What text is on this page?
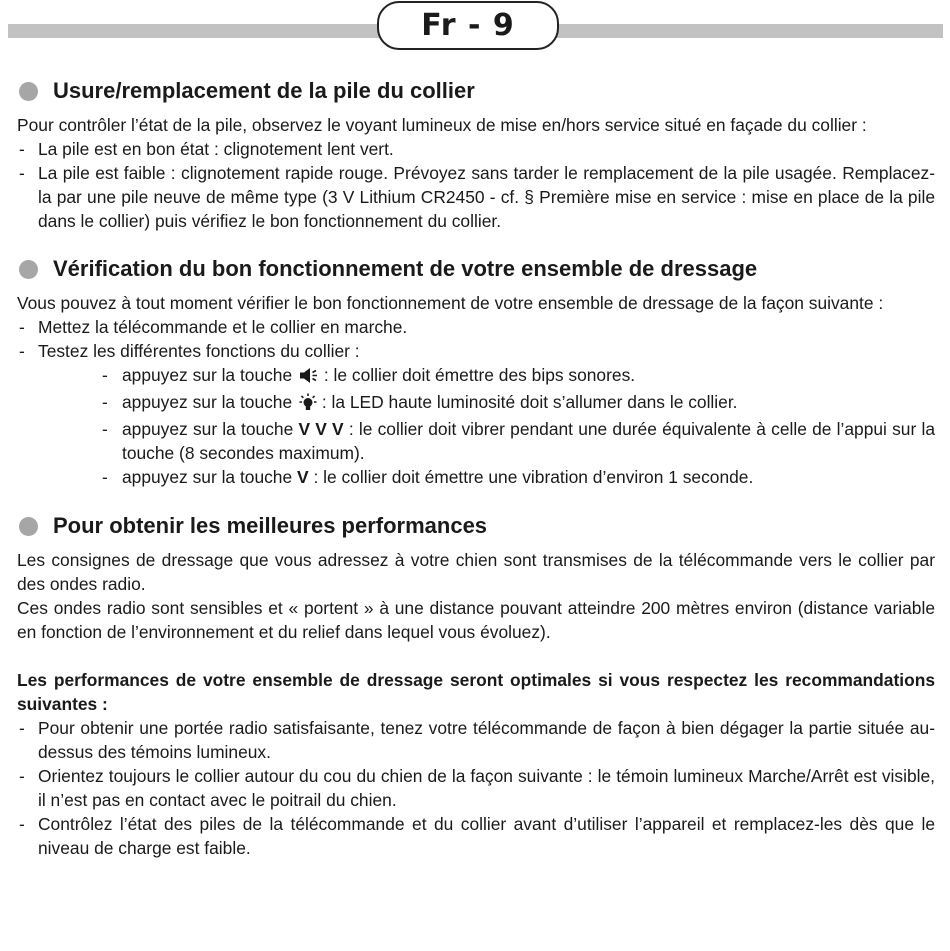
Fr - 9
Usure/remplacement de la pile du collier

Pour contrôler l’état de la pile, observez le voyant lumineux de mise en/hors service situé en façade du collier :

- La pile est en bon état : clignotement lent vert.
- La pile est faible : clignotement rapide rouge. Prévoyez sans tarder le remplacement de la pile usagée. Remplacez-la par une pile neuve de même type (3 V Lithium CR2450 - cf. § Première mise en service : mise en place de la pile dans le collier) puis vérifiez le bon fonctionnement du collier.
Vérification du bon fonctionnement de votre ensemble de dressage

Vous pouvez à tout moment vérifier le bon fonctionnement de votre ensemble de dressage de la façon suivante :

- Mettez la télécommande et le collier en marche.
- Testez les différentes fonctions du collier :
- appuyez sur la touche  : le collier doit émettre des bips sonores.
- appuyez sur la touche  : la LED haute luminosité doit s’allumer dans le collier.
- appuyez sur la touche V V V : le collier doit vibrer pendant une durée équivalente à celle de l’appui sur la touche (8 secondes maximum).
- appuyez sur la touche V : le collier doit émettre une vibration d’environ 1 seconde.
Pour obtenir les meilleures performances

Les consignes de dressage que vous adressez à votre chien sont transmises de la télécommande vers le collier par des ondes radio.

Ces ondes radio sont sensibles et « portent » à une distance pouvant atteindre 200 mètres environ (distance variable en fonction de l’environnement et du relief dans lequel vous évoluez).

Les performances de votre ensemble de dressage seront optimales si vous respectez les recommandations suivantes :

- Pour obtenir une portée radio satisfaisante, tenez votre télécommande de façon à bien dégager la partie située au-dessus des témoins lumineux.
- Orientez toujours le collier autour du cou du chien de la façon suivante : le témoin lumineux Marche/Arrêt est visible, il n’est pas en contact avec le poitrail du chien.
- Contrôlez l’état des piles de la télécommande et du collier avant d’utiliser l’appareil et remplacez-les dès que le niveau de charge est faible.
